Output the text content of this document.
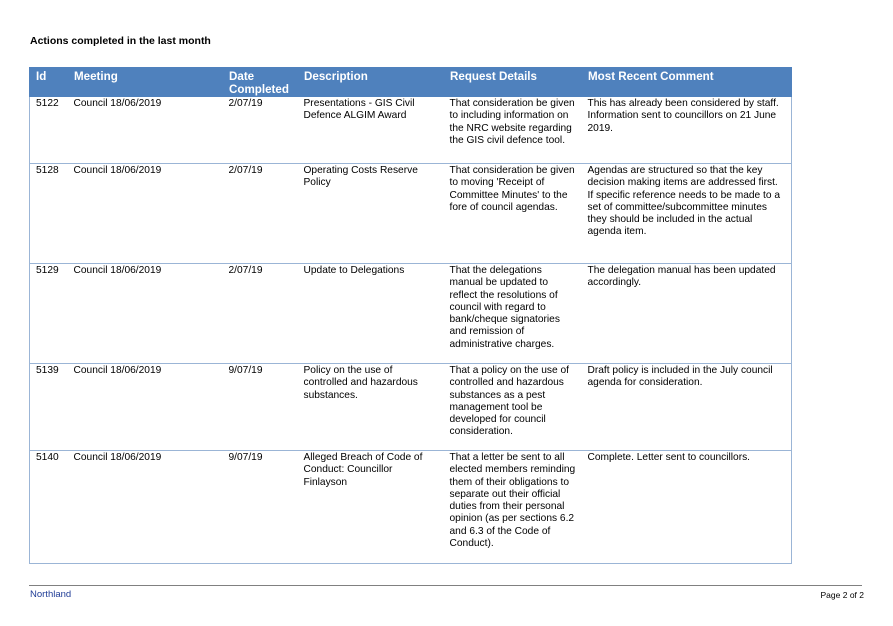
Actions completed in the last month
Id	Meeting	Date Completed	Description	Request Details	Most Recent Comment
5122	Council 18/06/2019	2/07/19	Presentations - GIS Civil Defence ALGIM Award	That consideration be given to including information on the NRC website regarding the GIS civil defence tool.	This has already been considered by staff. Information sent to councillors on 21 June 2019.
5128	Council 18/06/2019	2/07/19	Operating Costs Reserve Policy	That consideration be given to moving 'Receipt of Committee Minutes' to the fore of council agendas.	Agendas are structured so that the key decision making items are addressed first. If specific reference needs to be made to a set of committee/subcommittee minutes they should be included in the actual agenda item.
5129	Council 18/06/2019	2/07/19	Update to Delegations	That the delegations manual be updated to reflect the resolutions of council with regard to bank/cheque signatories and remission of administrative charges.	The delegation manual has been updated accordingly.
5139	Council 18/06/2019	9/07/19	Policy on the use of controlled and hazardous substances.	That a policy on the use of controlled and hazardous substances as a pest management tool be developed for council consideration.	Draft policy is included in the July council agenda for consideration.
5140	Council 18/06/2019	9/07/19	Alleged Breach of Code of Conduct: Councillor Finlayson	That a letter be sent to all elected members reminding them of their obligations to separate out their official duties from their personal opinion (as per sections 6.2 and 6.3 of the Code of Conduct).	Complete. Letter sent to councillors.
Northland	Page 2 of 2
